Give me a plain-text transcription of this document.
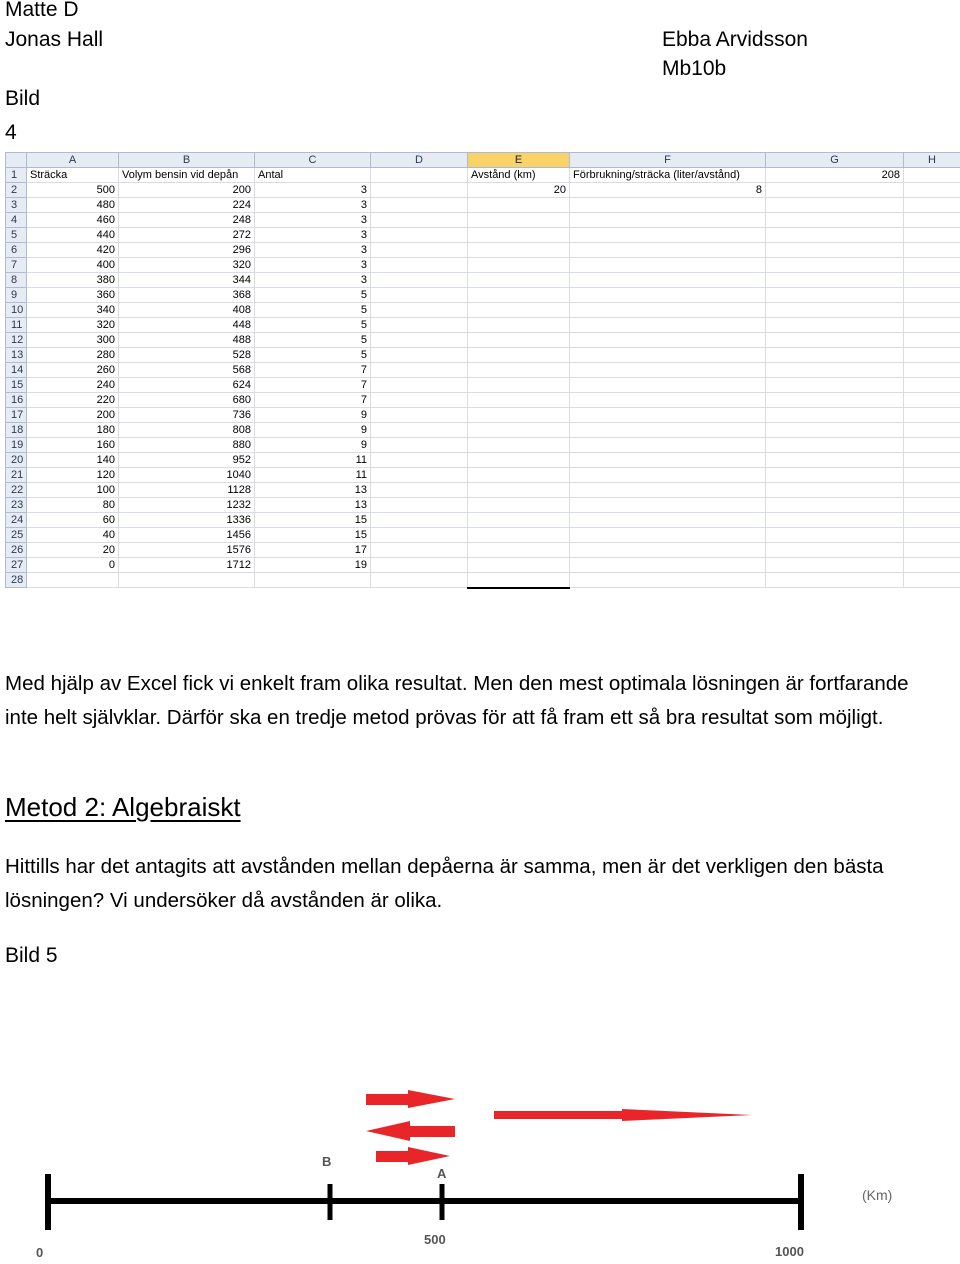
Matte D
Jonas Hall	Ebba Arvidsson
Mb10b
Bild
4
	A	B	C	D	E	F	G	H
1	Sträcka	Volym bensin vid depån	Antal		Avstånd (km)	Förbrukning/sträcka (liter/avstånd)	208	
2	500	200	3		20	8		
3	480	224	3					
4	460	248	3					
5	440	272	3					
6	420	296	3					
7	400	320	3					
8	380	344	3					
9	360	368	5					
10	340	408	5					
11	320	448	5					
12	300	488	5					
13	280	528	5					
14	260	568	7					
15	240	624	7					
16	220	680	7					
17	200	736	9					
18	180	808	9					
19	160	880	9					
20	140	952	11					
21	120	1040	11					
22	100	1128	13					
23	80	1232	13					
24	60	1336	15					
25	40	1456	15					
26	20	1576	17					
27	0	1712	19					
28								
Med hjälp av Excel fick vi enkelt fram olika resultat. Men den mest optimala lösningen är fortfarande inte helt självklar. Därför ska en tredje metod prövas för att få fram ett så bra resultat som möjligt.
Metod 2: Algebraiskt
Hittills har det antagits att avstånden mellan depåerna är samma, men är det verkligen den bästa lösningen? Vi undersöker då avstånden är olika.
Bild 5
B
A
0
500
1000
(Km)
